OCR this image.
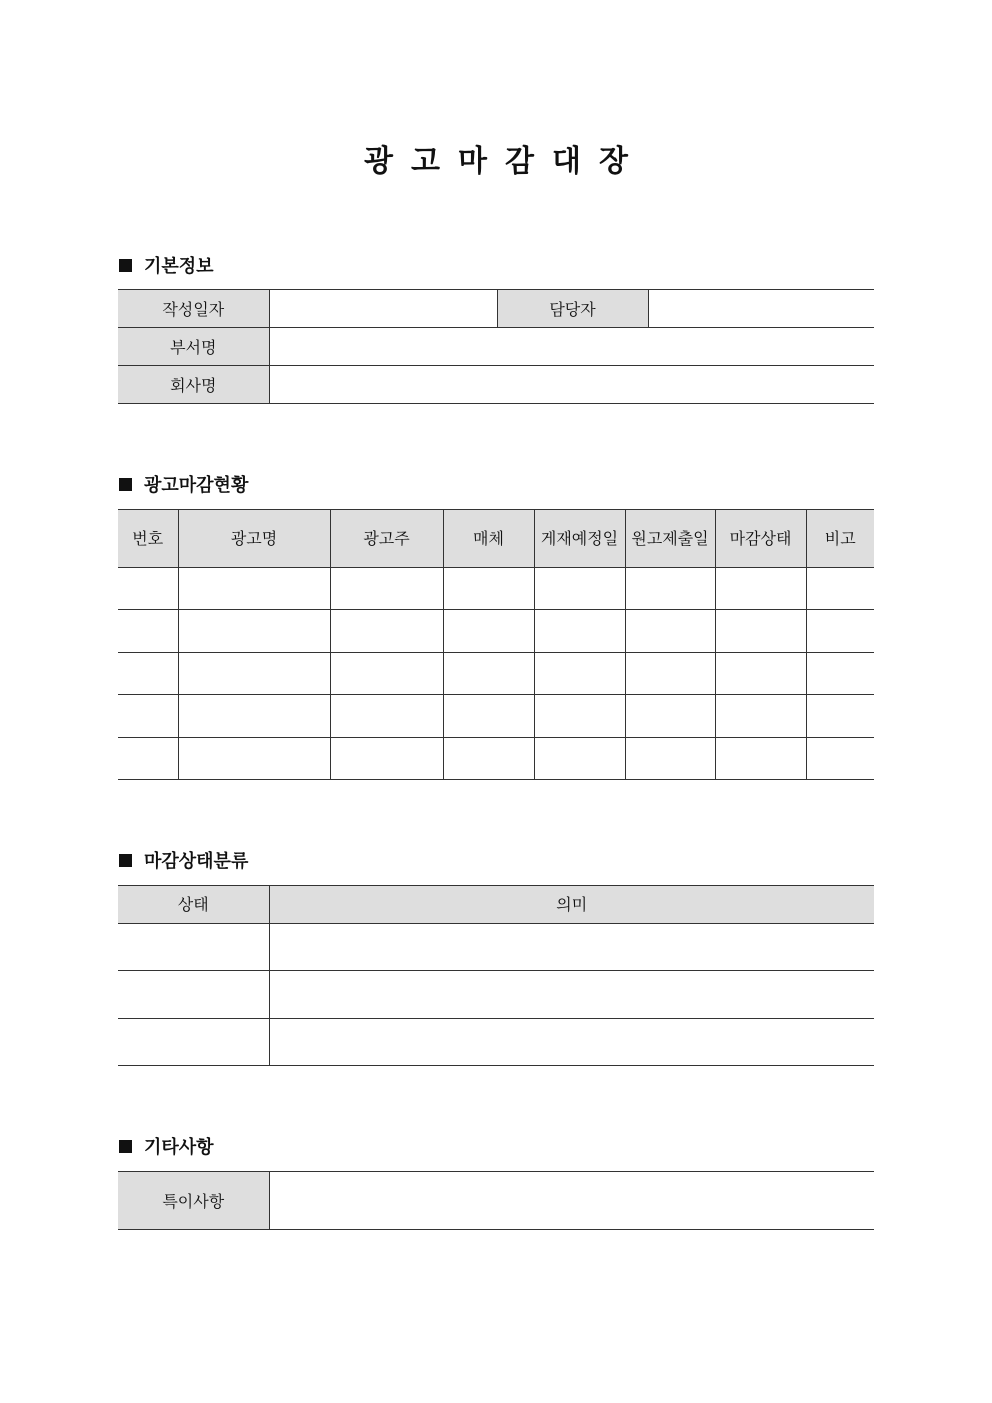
광 고 마 감 대 장
기본정보
작성일자		담당자	
부서명			
회사명			
광고마감현황
번호	광고명	광고주	매체	게재예정일	원고제출일	마감상태	비고

마감상태분류
상태	의미

기타사항
특이사항	
